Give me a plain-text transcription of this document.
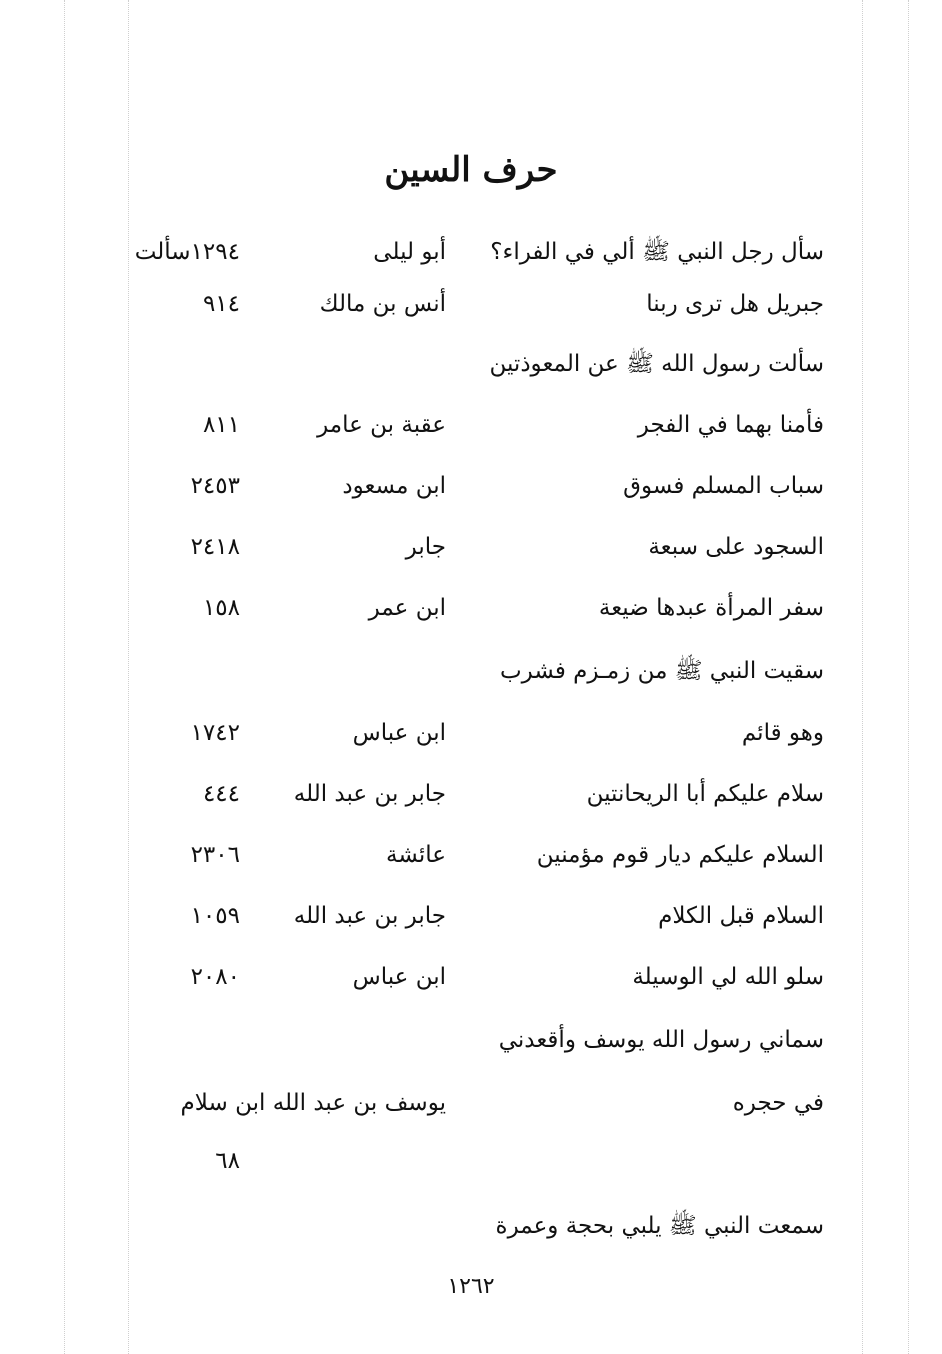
حرف السين
سأل رجل النبي ﷺ ألي في الفراء؟
أبو ليلى
١٢٩٤سألت
جبريل هل ترى ربنا
أنس بن مالك
٩١٤
سألت رسول الله ﷺ عن المعوذتين
فأمنا بهما في الفجر
عقبة بن عامر
٨١١
سباب المسلم فسوق
ابن مسعود
٢٤٥٣
السجود على سبعة
جابر
٢٤١٨
سفر المرأة عبدها ضيعة
ابن عمر
١٥٨
سقيت النبي ﷺ من زمـزم فشرب
وهو قائم
ابن عباس
١٧٤٢
سلام عليكم أبا الريحانتين
جابر بن عبد الله
٤٤٤
السلام عليكم ديار قوم مؤمنين
عائشة
٢٣٠٦
السلام قبل الكلام
جابر بن عبد الله
١٠٥٩
سلو الله لي الوسيلة
ابن عباس
٢٠٨٠
سماني رسول الله يوسف وأقعدني
في حجره
يوسف بن عبد الله ابن سلام
٦٨
سمعت النبي ﷺ يلبي بحجة وعمرة
١٢٦٢
